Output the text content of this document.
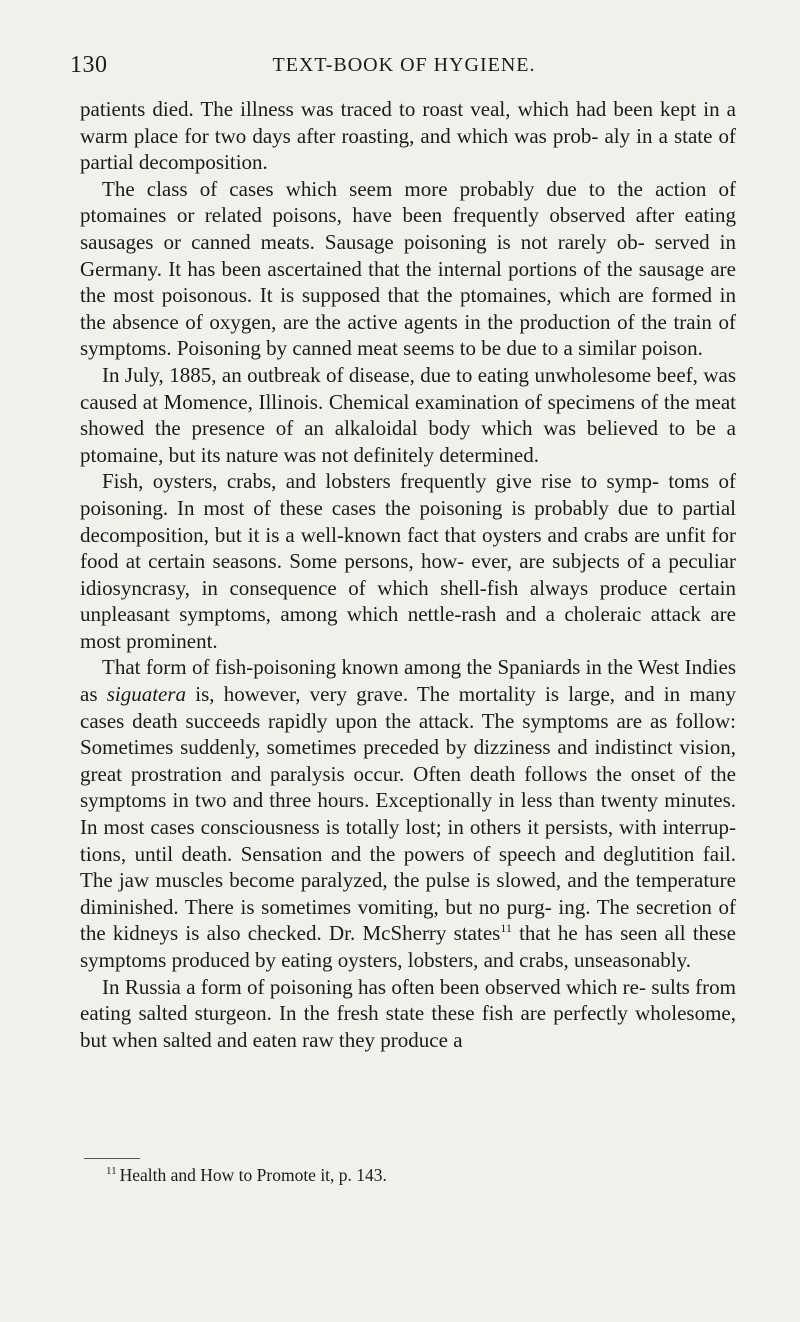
130	TEXT-BOOK OF HYGIENE.

patients died. The illness was traced to roast veal, which had been kept in a warm place for two days after roasting, and which was prob- aly in a state of partial decomposition.

The class of cases which seem more probably due to the action of ptomaines or related poisons, have been frequently observed after eating sausages or canned meats. Sausage poisoning is not rarely ob- served in Germany. It has been ascertained that the internal portions of the sausage are the most poisonous. It is supposed that the ptomaines, which are formed in the absence of oxygen, are the active agents in the production of the train of symptoms. Poisoning by canned meat seems to be due to a similar poison.

In July, 1885, an outbreak of disease, due to eating unwholesome beef, was caused at Momence, Illinois. Chemical examination of specimens of the meat showed the presence of an alkaloidal body which was believed to be a ptomaine, but its nature was not definitely determined.

Fish, oysters, crabs, and lobsters frequently give rise to symp- toms of poisoning. In most of these cases the poisoning is probably due to partial decomposition, but it is a well-known fact that oysters and crabs are unfit for food at certain seasons. Some persons, how- ever, are subjects of a peculiar idiosyncrasy, in consequence of which shell-fish always produce certain unpleasant symptoms, among which nettle-rash and a choleraic attack are most prominent.

That form of fish-poisoning known among the Spaniards in the West Indies as siguatera is, however, very grave. The mortality is large, and in many cases death succeeds rapidly upon the attack. The symptoms are as follow: Sometimes suddenly, sometimes preceded by dizziness and indistinct vision, great prostration and paralysis occur. Often death follows the onset of the symptoms in two and three hours. Exceptionally in less than twenty minutes. In most cases consciousness is totally lost; in others it persists, with interrup- tions, until death. Sensation and the powers of speech and deglutition fail. The jaw muscles become paralyzed, the pulse is slowed, and the temperature diminished. There is sometimes vomiting, but no purg- ing. The secretion of the kidneys is also checked. Dr. McSherry states$^{11}$ that he has seen all these symptoms produced by eating oysters, lobsters, and crabs, unseasonably.

In Russia a form of poisoning has often been observed which re- sults from eating salted sturgeon. In the fresh state these fish are perfectly wholesome, but when salted and eaten raw they produce a

$^{11}$ Health and How to Promote it, p. 143.
